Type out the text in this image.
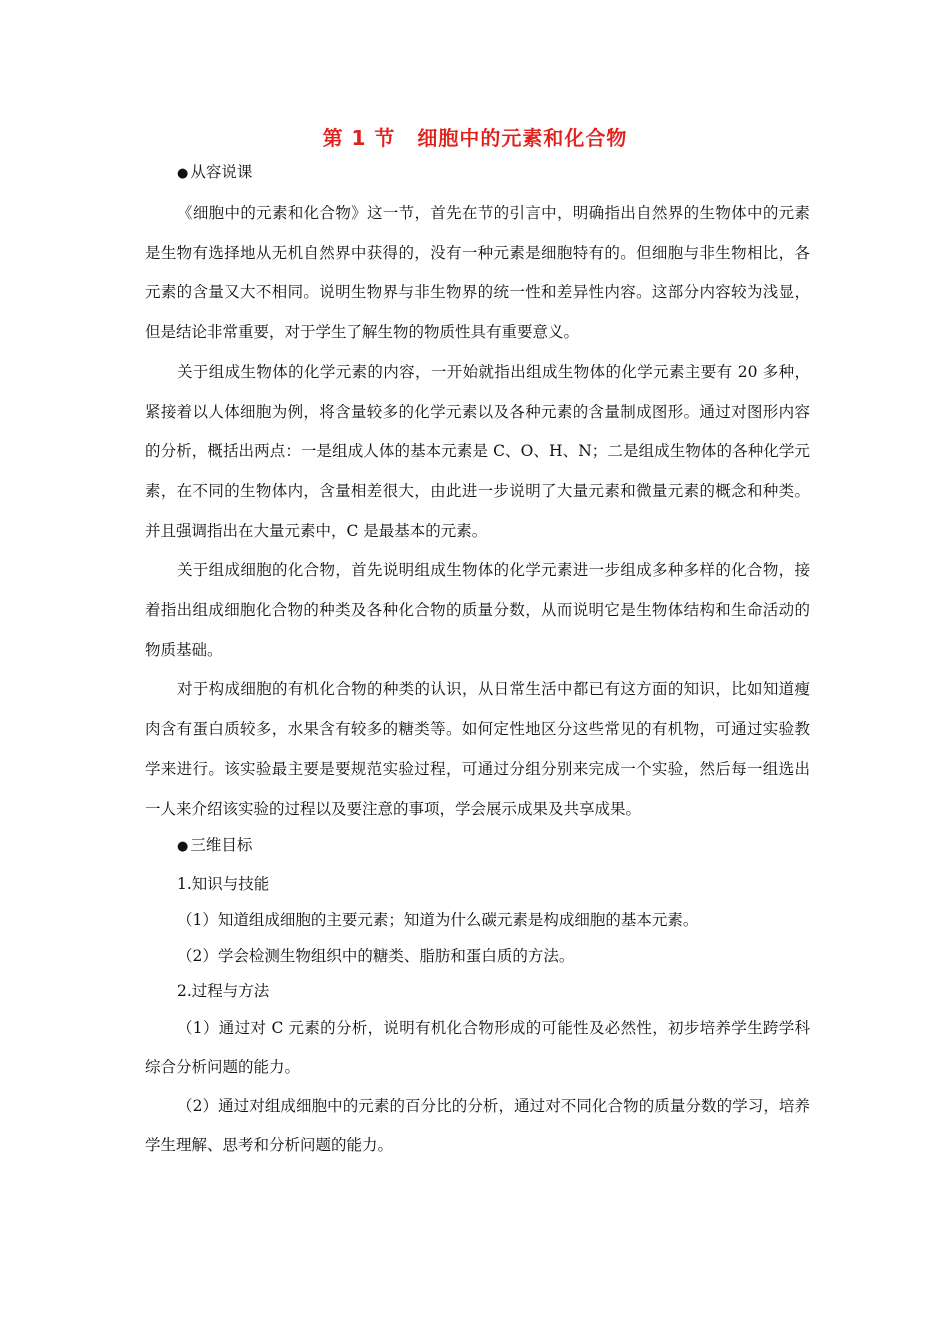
第 1 节 细胞中的元素和化合物
● 从容说课

《细胞中的元素和化合物》这一节，首先在节的引言中，明确指出自然界的生物体中的元素是生物有选择地从无机自然界中获得的，没有一种元素是细胞特有的。但细胞与非生物相比，各元素的含量又大不相同。说明生物界与非生物界的统一性和差异性内容。这部分内容较为浅显，但是结论非常重要，对于学生了解生物的物质性具有重要意义。

关于组成生物体的化学元素的内容，一开始就指出组成生物体的化学元素主要有 20 多种，紧接着以人体细胞为例，将含量较多的化学元素以及各种元素的含量制成图形。通过对图形内容的分析，概括出两点：一是组成人体的基本元素是 C、O、H、N；二是组成生物体的各种化学元素，在不同的生物体内，含量相差很大，由此进一步说明了大量元素和微量元素的概念和种类。并且强调指出在大量元素中，C 是最基本的元素。

关于组成细胞的化合物，首先说明组成生物体的化学元素进一步组成多种多样的化合物，接着指出组成细胞化合物的种类及各种化合物的质量分数，从而说明它是生物体结构和生命活动的物质基础。

对于构成细胞的有机化合物的种类的认识，从日常生活中都已有这方面的知识，比如知道瘦肉含有蛋白质较多，水果含有较多的糖类等。如何定性地区分这些常见的有机物，可通过实验教学来进行。该实验最主要是要规范实验过程，可通过分组分别来完成一个实验，然后每一组选出一人来介绍该实验的过程以及要注意的事项，学会展示成果及共享成果。

● 三维目标
1.知识与技能

（1）知道组成细胞的主要元素；知道为什么碳元素是构成细胞的基本元素。

（2）学会检测生物组织中的糖类、脂肪和蛋白质的方法。

2.过程与方法

（1）通过对 C 元素的分析，说明有机化合物形成的可能性及必然性，初步培养学生跨学科综合分析问题的能力。

（2）通过对组成细胞中的元素的百分比的分析，通过对不同化合物的质量分数的学习，培养学生理解、思考和分析问题的能力。
